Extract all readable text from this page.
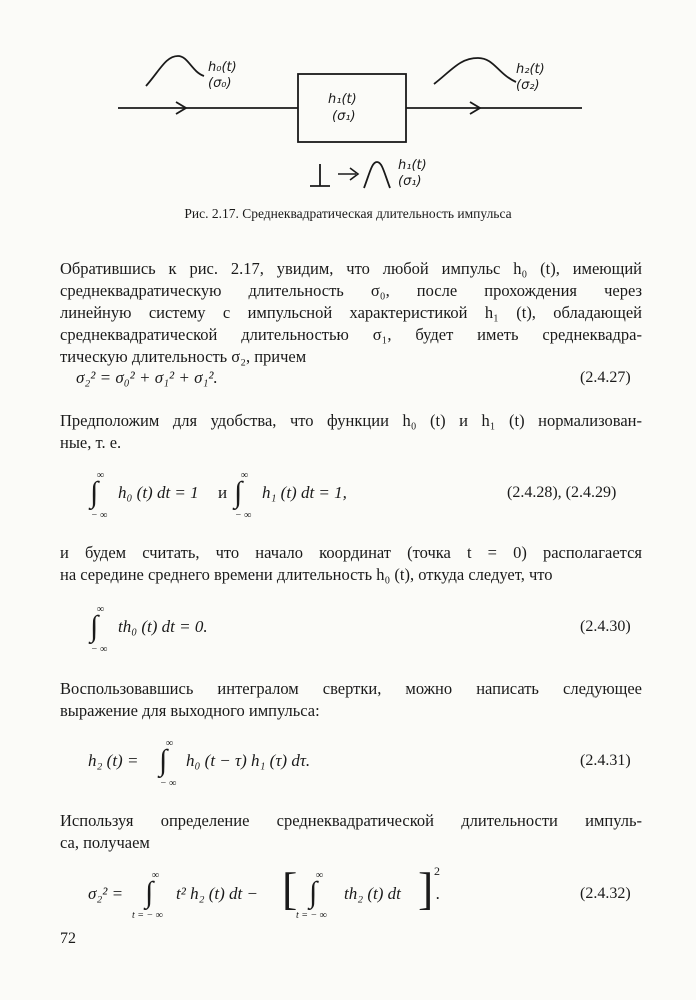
h₀(t)
(σ₀)
h₁(t)
(σ₁)
h₂(t)
(σ₂)
h₁(t)
(σ₁)
Рис. 2.17. Среднеквадратическая длительность импульса
Обратившись к рис. 2.17, увидим, что любой импульс h₀ (t), имеющий
среднеквадратическую длительность σ₀, после прохождения через
линейную систему с импульсной характеристикой h₁ (t), обладающей
среднеквадратической длительностью σ₁, будет иметь среднеквадра-
тическую длительность σ₂, причем
σ₂² = σ₀² + σ₁² + σ₁².	(2.4.27)
Предположим для удобства, что функции h₀ (t) и h₁ (t) нормализован-
ные, т. е.
∞
∫
− ∞
h₀ (t) dt = 1 и
∞
∫
− ∞
h₁ (t) dt = 1,	(2.4.28), (2.4.29)
и будем считать, что начало координат (точка t = 0) располагается
на середине среднего времени длительность h₀ (t), откуда следует, что
∞
∫
− ∞
th₀ (t) dt = 0.	(2.4.30)
Воспользовавшись интегралом свертки, можно написать следующее
выражение для выходного импульса:
h₂ (t) =
∞
∫
− ∞
h₀ (t − τ) h₁ (τ) dτ.	(2.4.31)
Используя определение среднеквадратической длительности импуль-
са, получаем
σ₂² =
∞
∫
t = − ∞
t² h₂ (t) dt − [ ∞
∫
t = − ∞
th₂ (t) dt ] 2
.	(2.4.32)
72
